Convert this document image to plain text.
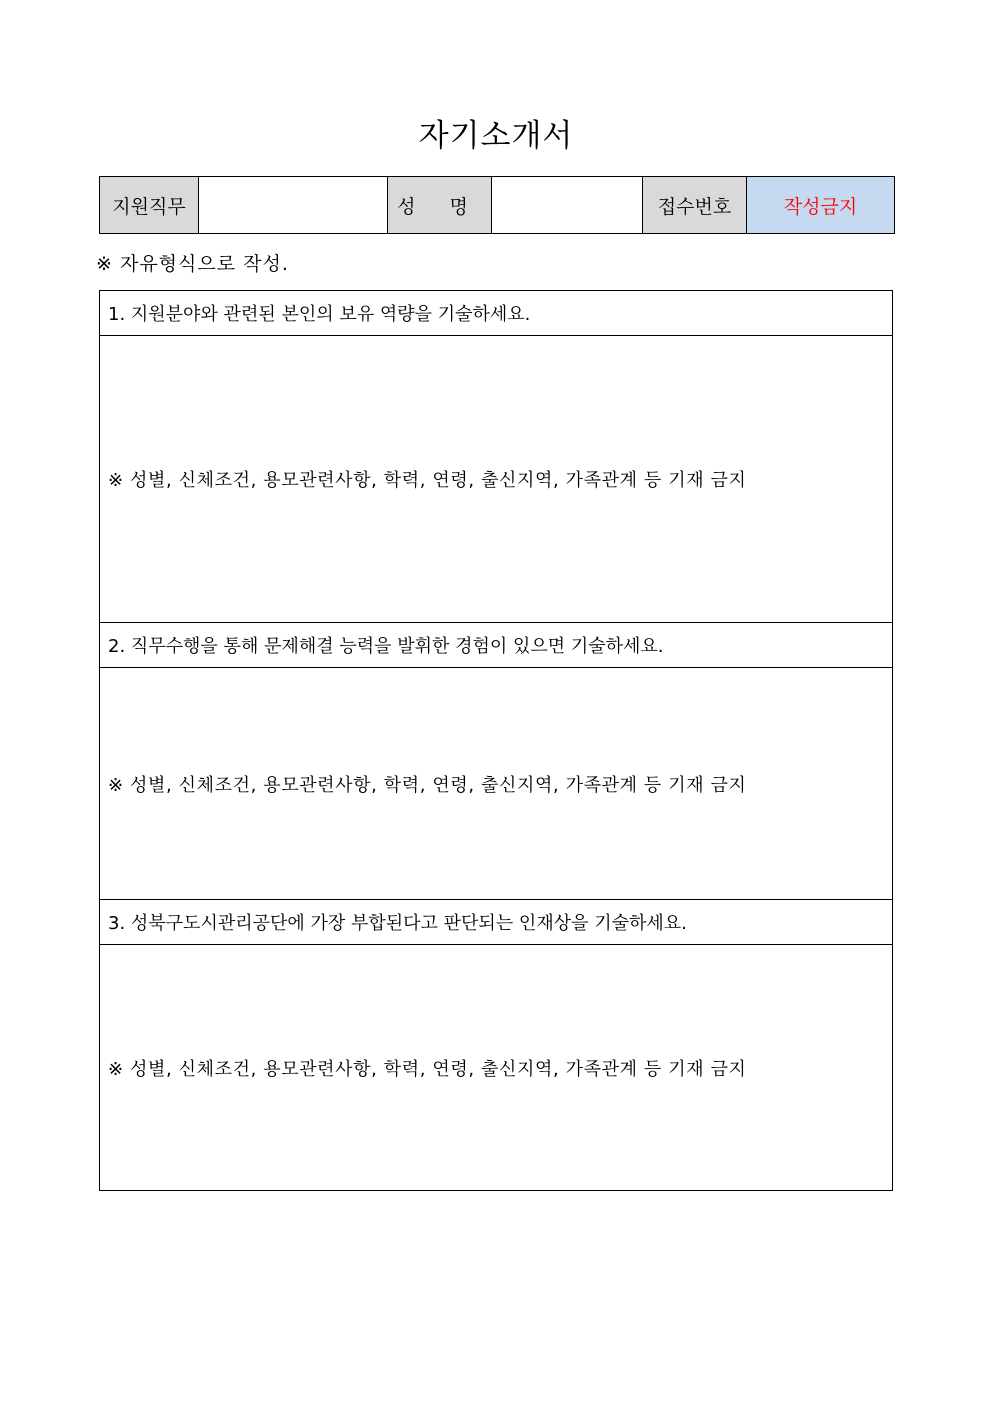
자기소개서
지원직무		성 명		접수번호	작성금지
※ 자유형식으로 작성.
1. 지원분야와 관련된 본인의 보유 역량을 기술하세요.
※ 성별, 신체조건, 용모관련사항, 학력, 연령, 출신지역, 가족관계 등 기재 금지
2. 직무수행을 통해 문제해결 능력을 발휘한 경험이 있으면 기술하세요.
※ 성별, 신체조건, 용모관련사항, 학력, 연령, 출신지역, 가족관계 등 기재 금지
3. 성북구도시관리공단에 가장 부합된다고 판단되는 인재상을 기술하세요.
※ 성별, 신체조건, 용모관련사항, 학력, 연령, 출신지역, 가족관계 등 기재 금지
